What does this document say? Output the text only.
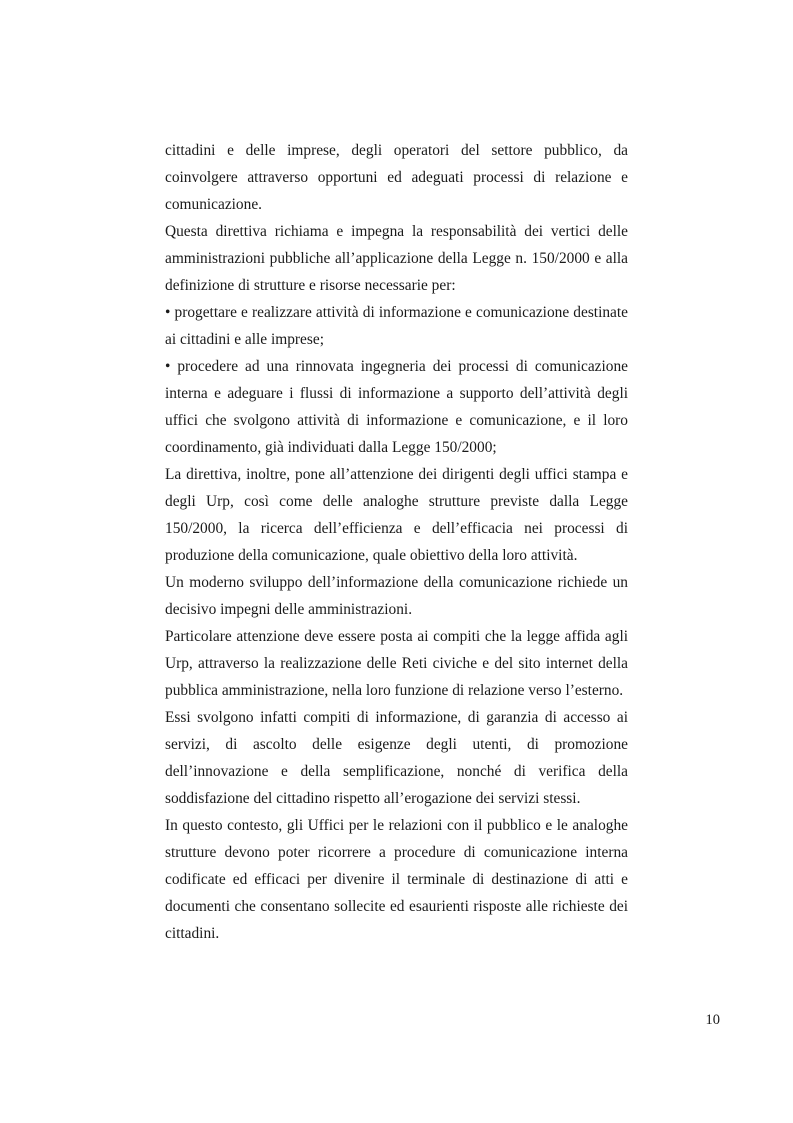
cittadini e delle imprese, degli operatori del settore pubblico, da coinvolgere attraverso opportuni ed adeguati processi di relazione e comunicazione.

Questa direttiva richiama e impegna la responsabilità dei vertici delle amministrazioni pubbliche all’applicazione della Legge n. 150/2000 e alla definizione di strutture e risorse necessarie per:

• progettare e realizzare attività di informazione e comunicazione destinate ai cittadini e alle imprese;

• procedere ad una rinnovata ingegneria dei processi di comunicazione interna e adeguare i flussi di informazione a supporto dell’attività degli uffici che svolgono attività di informazione e comunicazione, e il loro coordinamento, già individuati dalla Legge 150/2000;

La direttiva, inoltre, pone all’attenzione dei dirigenti degli uffici stampa e degli Urp, così come delle analoghe strutture previste dalla Legge 150/2000, la ricerca dell’efficienza e dell’efficacia nei processi di produzione della comunicazione, quale obiettivo della loro attività.

Un moderno sviluppo dell’informazione della comunicazione richiede un decisivo impegni delle amministrazioni.

Particolare attenzione deve essere posta ai compiti che la legge affida agli Urp, attraverso la realizzazione delle Reti civiche e del sito internet della pubblica amministrazione, nella loro funzione di relazione verso l’esterno.

Essi svolgono infatti compiti di informazione, di garanzia di accesso ai servizi, di ascolto delle esigenze degli utenti, di promozione dell’innovazione e della semplificazione, nonché di verifica della soddisfazione del cittadino rispetto all’erogazione dei servizi stessi.

In questo contesto, gli Uffici per le relazioni con il pubblico e le analoghe strutture devono poter ricorrere a procedure di comunicazione interna codificate ed efficaci per divenire il terminale di destinazione di atti e documenti che consentano sollecite ed esaurienti risposte alle richieste dei cittadini.

10
